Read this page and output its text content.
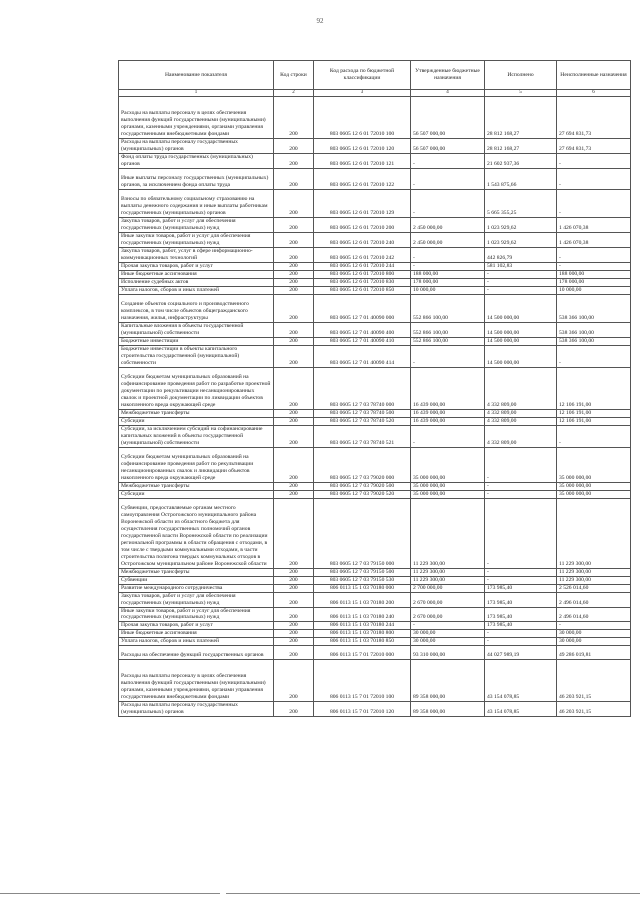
92
Наименование показателя	Код строки	Код расхода по бюджетной классификации	Утвержденные бюджетные назначения	Исполнено	Неисполненные назначения
1	2	3	4	5	6
Расходы на выплаты персоналу в целях обеспечения выполнения функций государственными (муниципальными) органами, казенными учреждениями, органами управления государственными внебюджетными фондами	200	803 0605 12 6 01 72010 100	56 507 000,00	28 812 168,27	27 694 831,73
Расходы на выплаты персоналу государственных (муниципальных) органов	200	803 0605 12 6 01 72010 120	56 507 000,00	28 812 168,27	27 694 831,73
Фонд оплаты труда государственных (муниципальных) органов	200	803 0605 12 6 01 72010 121	-	21 602 937,36	-
Иные выплаты персоналу государственных (муниципальных) органов, за исключением фонда оплаты труда	200	803 0605 12 6 01 72010 122	-	1 543 875,66	-
Взносы по обязательному социальному страхованию на выплаты денежного содержания и иные выплаты работникам государственных (муниципальных) органов	200	803 0605 12 6 01 72010 129	-	5 665 355,25	-
Закупка товаров, работ и услуг для обеспечения государственных (муниципальных) нужд	200	803 0605 12 6 01 72010 200	2 450 000,00	1 023 929,62	1 426 070,38
Иные закупки товаров, работ и услуг для обеспечения государственных (муниципальных) нужд	200	803 0605 12 6 01 72010 240	2 450 000,00	1 023 929,62	1 426 070,38
Закупка товаров, работ, услуг в сфере информационно-коммуникационных технологий	200	803 0605 12 6 01 72010 242	-	442 826,79	-
Прочая закупка товаров, работ и услуг	200	803 0605 12 6 01 72010 244	-	581 102,83	-
Иные бюджетные ассигнования	200	803 0605 12 6 01 72010 800	188 000,00	-	188 000,00
Исполнение судебных актов	200	803 0605 12 6 01 72010 830	178 000,00	-	178 000,00
Уплата налогов, сборов и иных платежей	200	803 0605 12 6 01 72010 850	10 000,00	-	10 000,00
Создание объектов социального и производственного комплексов, в том числе объектов общегражданского назначения, жилья, инфраструктуры	200	803 0605 12 7 01 40090 000	552 866 100,00	14 500 000,00	538 366 100,00
Капитальные вложения в объекты государственной (муниципальной) собственности	200	803 0605 12 7 01 40090 400	552 866 100,00	14 500 000,00	538 366 100,00
Бюджетные инвестиции	200	803 0605 12 7 01 40090 410	552 866 100,00	14 500 000,00	538 366 100,00
Бюджетные инвестиции в объекты капитального строительства государственной (муниципальной) собственности	200	803 0605 12 7 01 40090 414	-	14 500 000,00	-
Субсидии бюджетам муниципальных образований на софинансирование проведения работ по разработке проектной документации по рекультивации несанкционированных свалок и проектной документации по ликвидации объектов накопленного вреда окружающей среде	200	803 0605 12 7 03 78740 000	16 439 000,00	4 332 809,00	12 106 191,00
Межбюджетные трансферты	200	803 0605 12 7 03 78740 500	16 439 000,00	4 332 809,00	12 106 191,00
Субсидии	200	803 0605 12 7 03 78740 520	16 439 000,00	4 332 809,00	12 106 191,00
Субсидии, за исключением субсидий на софинансирование капитальных вложений в объекты государственной (муниципальной) собственности	200	803 0605 12 7 03 78740 521	-	4 332 809,00	-
Субсидии бюджетам муниципальных образований на софинансирование проведения работ по рекультивации несанкционированных свалок и ликвидации объектов накопленного вреда окружающей среде	200	803 0605 12 7 03 79020 000	35 000 000,00	-	35 000 000,00
Межбюджетные трансферты	200	803 0605 12 7 03 79020 500	35 000 000,00	-	35 000 000,00
Субсидии	200	803 0605 12 7 03 79020 520	35 000 000,00	-	35 000 000,00
Субвенции, предоставляемые органам местного самоуправления Острогожского муниципального района Воронежской области из областного бюджета для осуществления государственных полномочий органов государственной власти Воронежской области по реализации региональной программы в области обращения с отходами, в том числе с твердыми коммунальными отходами, в части строительства полигона твердых коммунальных отходов в Острогожском муниципальном районе Воронежской области	200	803 0605 12 7 03 79150 000	11 229 300,00	-	11 229 300,00
Межбюджетные трансферты	200	803 0605 12 7 03 79150 500	11 229 300,00	-	11 229 300,00
Субвенции	200	803 0605 12 7 03 79150 530	11 229 300,00	-	11 229 300,00
Развитие международного сотрудничества	200	806 0113 15 1 03 70180 000	2 700 000,00	173 985,40	2 526 014,60
Закупка товаров, работ и услуг для обеспечения государственных (муниципальных) нужд	200	806 0113 15 1 03 70180 200	2 670 000,00	173 985,40	2 496 014,60
Иные закупки товаров, работ и услуг для обеспечения государственных (муниципальных) нужд	200	806 0113 15 1 03 70180 240	2 670 000,00	173 985,40	2 496 014,60
Прочая закупка товаров, работ и услуг	200	806 0113 15 1 03 70180 244	-	173 985,40	-
Иные бюджетные ассигнования	200	806 0113 15 1 03 70180 800	30 000,00	-	30 000,00
Уплата налогов, сборов и иных платежей	200	806 0113 15 1 03 70180 850	30 000,00	-	30 000,00
Расходы на обеспечение функций государственных органов	200	806 0113 15 7 01 72010 000	93 310 000,00	44 027 989,19	49 286 019,81
Расходы на выплаты персоналу в целях обеспечения выполнения функций государственными (муниципальными) органами, казенными учреждениями, органами управления государственными внебюджетными фондами	200	806 0113 15 7 01 72010 100	89 358 000,00	43 154 078,85	46 203 921,15
Расходы на выплаты персоналу государственных (муниципальных) органов	200	806 0113 15 7 01 72010 120	89 358 000,00	43 154 078,85	46 203 921,15
